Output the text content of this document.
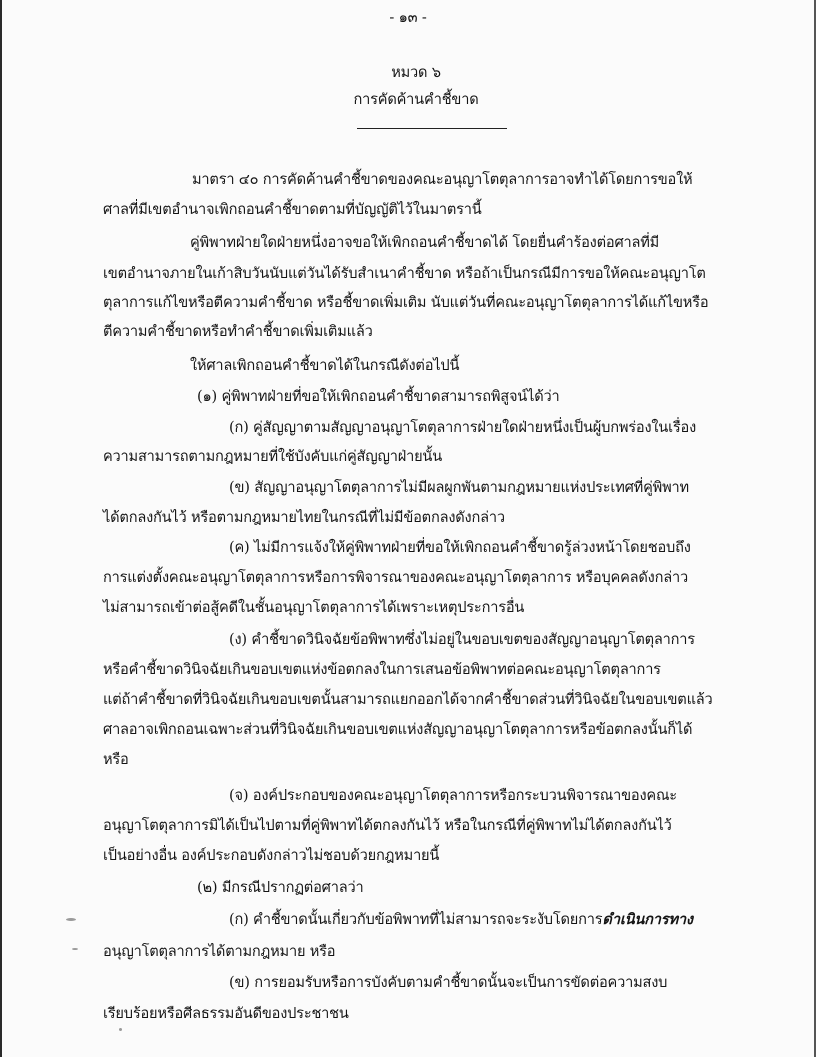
- ๑๓ -
หมวด ๖
การคัดค้านคำชี้ขาด
มาตรา ๔๐ การคัดค้านคำชี้ขาดของคณะอนุญาโตตุลาการอาจทำได้โดยการขอให้
ศาลที่มีเขตอำนาจเพิกถอนคำชี้ขาดตามที่บัญญัติไว้ในมาตรานี้
คู่พิพาทฝ่ายใดฝ่ายหนึ่งอาจขอให้เพิกถอนคำชี้ขาดได้ โดยยื่นคำร้องต่อศาลที่มี
เขตอำนาจภายในเก้าสิบวันนับแต่วันได้รับสำเนาคำชี้ขาด หรือถ้าเป็นกรณีมีการขอให้คณะอนุญาโต
ตุลาการแก้ไขหรือตีความคำชี้ขาด หรือชี้ขาดเพิ่มเติม นับแต่วันที่คณะอนุญาโตตุลาการได้แก้ไขหรือ
ตีความคำชี้ขาดหรือทำคำชี้ขาดเพิ่มเติมแล้ว
ให้ศาลเพิกถอนคำชี้ขาดได้ในกรณีดังต่อไปนี้
(๑) คู่พิพาทฝ่ายที่ขอให้เพิกถอนคำชี้ขาดสามารถพิสูจน์ได้ว่า
(ก) คู่สัญญาตามสัญญาอนุญาโตตุลาการฝ่ายใดฝ่ายหนึ่งเป็นผู้บกพร่องในเรื่อง
ความสามารถตามกฎหมายที่ใช้บังคับแก่คู่สัญญาฝ่ายนั้น
(ข) สัญญาอนุญาโตตุลาการไม่มีผลผูกพันตามกฎหมายแห่งประเทศที่คู่พิพาท
ได้ตกลงกันไว้ หรือตามกฎหมายไทยในกรณีที่ไม่มีข้อตกลงดังกล่าว
(ค) ไม่มีการแจ้งให้คู่พิพาทฝ่ายที่ขอให้เพิกถอนคำชี้ขาดรู้ล่วงหน้าโดยชอบถึง
การแต่งตั้งคณะอนุญาโตตุลาการหรือการพิจารณาของคณะอนุญาโตตุลาการ หรือบุคคลดังกล่าว
ไม่สามารถเข้าต่อสู้คดีในชั้นอนุญาโตตุลาการได้เพราะเหตุประการอื่น
(ง) คำชี้ขาดวินิจฉัยข้อพิพาทซึ่งไม่อยู่ในขอบเขตของสัญญาอนุญาโตตุลาการ
หรือคำชี้ขาดวินิจฉัยเกินขอบเขตแห่งข้อตกลงในการเสนอข้อพิพาทต่อคณะอนุญาโตตุลาการ
แต่ถ้าคำชี้ขาดที่วินิจฉัยเกินขอบเขตนั้นสามารถแยกออกได้จากคำชี้ขาดส่วนที่วินิจฉัยในขอบเขตแล้ว
ศาลอาจเพิกถอนเฉพาะส่วนที่วินิจฉัยเกินขอบเขตแห่งสัญญาอนุญาโตตุลาการหรือข้อตกลงนั้นก็ได้
หรือ
(จ) องค์ประกอบของคณะอนุญาโตตุลาการหรือกระบวนพิจารณาของคณะ
อนุญาโตตุลาการมิได้เป็นไปตามที่คู่พิพาทได้ตกลงกันไว้ หรือในกรณีที่คู่พิพาทไม่ได้ตกลงกันไว้
เป็นอย่างอื่น องค์ประกอบดังกล่าวไม่ชอบด้วยกฎหมายนี้
(๒) มีกรณีปรากฏต่อศาลว่า
(ก) คำชี้ขาดนั้นเกี่ยวกับข้อพิพาทที่ไม่สามารถจะระงับโดยการดำเนินการทาง
อนุญาโตตุลาการได้ตามกฎหมาย หรือ
(ข) การยอมรับหรือการบังคับตามคำชี้ขาดนั้นจะเป็นการขัดต่อความสงบ
เรียบร้อยหรือศีลธรรมอันดีของประชาชน
